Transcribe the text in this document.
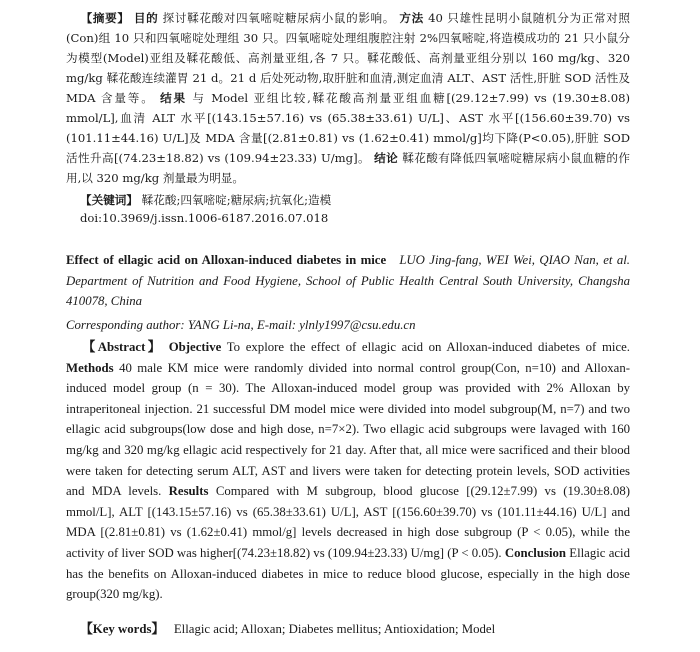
【摘要】 目的 探讨鞣花酸对四氧嘧啶糖尿病小鼠的影响。 方法 40 只雄性昆明小鼠随机分为正常对照(Con)组 10 只和四氧嘧啶处理组 30 只。四氧嘧啶处理组腹腔注射 2%四氧嘧啶,将造模成功的 21 只小鼠分为模型(Model)亚组及鞣花酸低、高剂量亚组,各 7 只。鞣花酸低、高剂量亚组分别以 160 mg/kg、320 mg/kg 鞣花酸连续灌胃 21 d。21 d 后处死动物,取肝脏和血清,测定血清 ALT、AST 活性,肝脏 SOD 活性及 MDA 含量等。 结果 与 Model 亚组比较,鞣花酸高剂量亚组血糖[(29.12±7.99) vs (19.30±8.08) mmol/L],血清 ALT 水平[(143.15±57.16) vs (65.38±33.61) U/L]、AST 水平[(156.60±39.70) vs (101.11±44.16) U/L]及 MDA 含量[(2.81±0.81) vs (1.62±0.41) mmol/g]均下降(P<0.05),肝脏 SOD 活性升高[(74.23±18.82) vs (109.94±23.33) U/mg]。 结论 鞣花酸有降低四氧嘧啶糖尿病小鼠血糖的作用,以 320 mg/kg 剂量最为明显。
【关键词】 鞣花酸;四氧嘧啶;糖尿病;抗氧化;造模
doi:10.3969/j.issn.1006-6187.2016.07.018
Effect of ellagic acid on Alloxan-induced diabetes in mice LUO Jing-fang, WEI Wei, QIAO Nan, et al. Department of Nutrition and Food Hygiene, School of Public Health Central South University, Changsha 410078, China
Corresponding author: YANG Li-na, E-mail: ylnly1997@csu.edu.cn
【Abstract】 Objective To explore the effect of ellagic acid on Alloxan-induced diabetes of mice. Methods 40 male KM mice were randomly divided into normal control group(Con, n=10) and Alloxan-induced model group (n = 30). The Alloxan-induced model group was provided with 2% Alloxan by intraperitoneal injection. 21 successful DM model mice were divided into model subgroup(M, n=7) and two ellagic acid subgroups(low dose and high dose, n=7×2). Two ellagic acid subgroups were lavaged with 160 mg/kg and 320 mg/kg ellagic acid respectively for 21 day. After that, all mice were sacrificed and their blood were taken for detecting serum ALT, AST and livers were taken for detecting protein levels, SOD activities and MDA levels. Results Compared with M subgroup, blood glucose [(29.12±7.99) vs (19.30±8.08) mmol/L], ALT [(143.15±57.16) vs (65.38±33.61) U/L], AST [(156.60±39.70) vs (101.11±44.16) U/L] and MDA [(2.81±0.81) vs (1.62±0.41) mmol/g] levels decreased in high dose subgroup (P < 0.05), while the activity of liver SOD was higher[(74.23±18.82) vs (109.94±23.33) U/mg] (P < 0.05). Conclusion Ellagic acid has the benefits on Alloxan-induced diabetes in mice to reduce blood glucose, especially in the high dose group(320 mg/kg).
【Key words】 Ellagic acid; Alloxan; Diabetes mellitus; Antioxidation; Model
